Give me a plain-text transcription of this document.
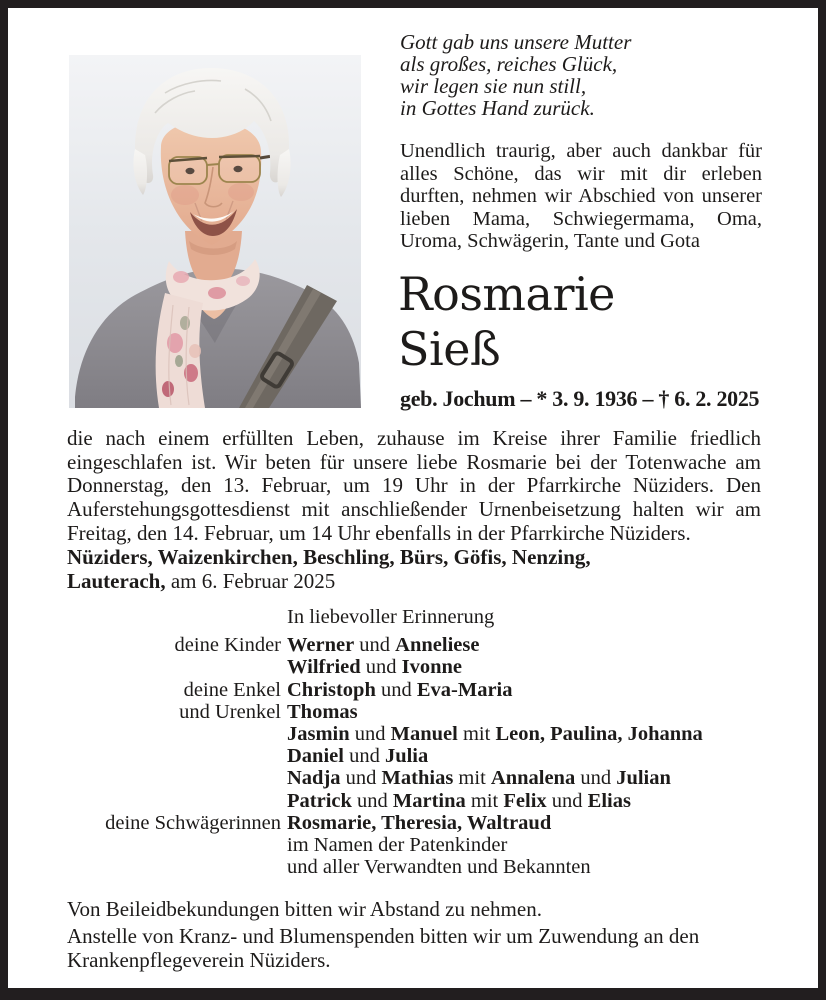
Gott gab uns unsere Mutter
als großes, reiches Glück,
wir legen sie nun still,
in Gottes Hand zurück.
Unendlich traurig, aber auch dankbar für alles Schöne, das wir mit dir erleben durften, nehmen wir Abschied von unserer lieben Mama, Schwiegermama, Oma, Uroma, Schwägerin, Tante und Gota
Rosmarie
Sieß
geb. Jochum – * 3. 9. 1936 – † 6. 2. 2025
die nach einem erfüllten Leben, zuhause im Kreise ihrer Familie friedlich eingeschlafen ist. Wir beten für unsere liebe Rosmarie bei der Totenwache am Donnerstag, den 13. Februar, um 19 Uhr in der Pfarrkirche Nüziders. Den Auferstehungsgottesdienst mit anschließender Urnenbeisetzung halten wir am Freitag, den 14. Februar, um 14 Uhr ebenfalls in der Pfarrkirche Nüziders.
Nüziders, Waizenkirchen, Beschling, Bürs, Göfis, Nenzing,
Lauterach, am 6. Februar 2025
In liebevoller Erinnerung
deine Kinder Werner und Anneliese
Wilfried und Ivonne
deine Enkel Christoph und Eva-Maria
und Urenkel Thomas
Jasmin und Manuel mit Leon, Paulina, Johanna
Daniel und Julia
Nadja und Mathias mit Annalena und Julian
Patrick und Martina mit Felix und Elias
deine Schwägerinnen Rosmarie, Theresia, Waltraud
im Namen der Patenkinder
und aller Verwandten und Bekannten
Von Beileidbekundungen bitten wir Abstand zu nehmen.
Anstelle von Kranz- und Blumenspenden bitten wir um Zuwendung an den Krankenpflegeverein Nüziders.
